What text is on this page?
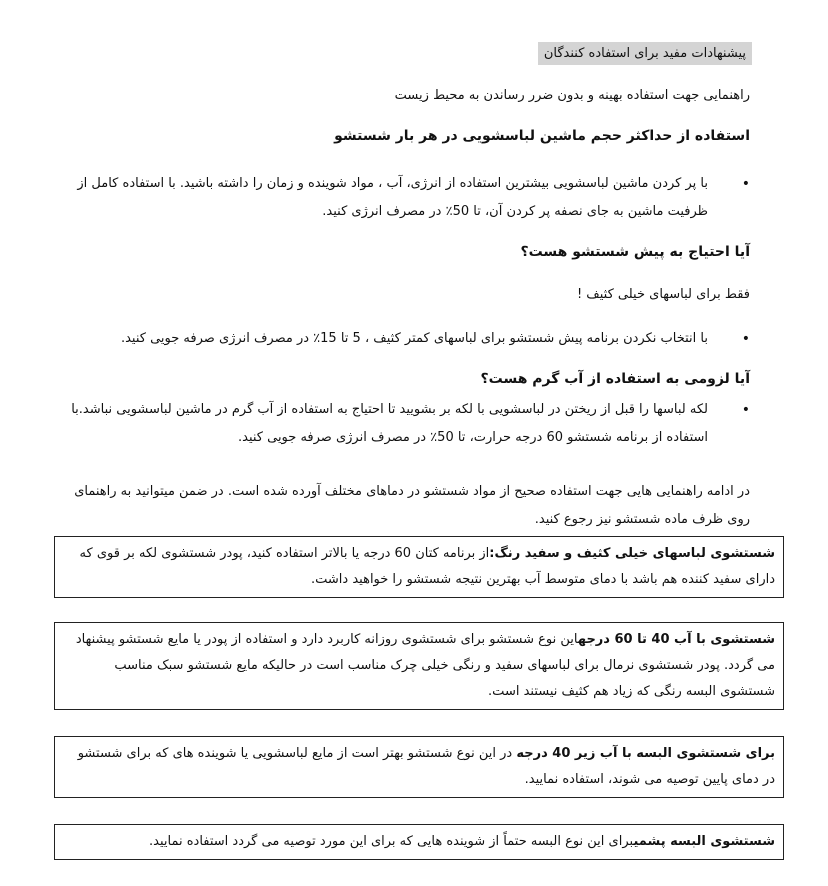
پیشنهادات مفید برای استفاده کنندگان
راهنمایی جهت استفاده بهینه و بدون ضرر رساندن به محیط زیست
استفاده از حداکثر حجم ماشین لباسشویی در هر بار شستشو
•
با پر کردن ماشین لباسشویی بیشترین استفاده از انرژی، آب ، مواد شوینده و زمان را داشته باشید. با استفاده کامل از ظرفیت ماشین به جای نصفه پر کردن آن، تا 50٪ در مصرف انرژی کنید.
آیا احتیاج به پیش شستشو هست؟
فقط برای لباسهای خیلی کثیف !
•
با انتخاب نکردن برنامه پیش شستشو برای لباسهای کمتر کثیف ، 5 تا 15٪ در مصرف انرژی صرفه جویی کنید.
آیا لزومی به استفاده از آب گرم هست؟
•
لکه لباسها را قبل از ریختن در لباسشویی با لکه بر بشویید تا احتیاج به استفاده از آب گرم در ماشین لباسشویی نباشد.با استفاده از برنامه شستشو 60 درجه حرارت، تا 50٪ در مصرف انرژی صرفه جویی کنید.
در ادامه راهنمایی هایی جهت استفاده صحیح از مواد شستشو در دماهای مختلف آورده شده است. در ضمن میتوانید به راهنمای روی ظرف ماده شستشو نیز رجوع کنید.
شستشوی لباسهای خیلی کثیف و سفید رنگ:از برنامه کتان 60 درجه یا بالاتر استفاده کنید، پودر شستشوی لکه بر قوی که دارای سفید کننده هم باشد با دمای متوسط آب بهترین نتیجه شستشو را خواهید داشت.
شستشوی با آب 40 تا 60 درجهاین نوع شستشو برای شستشوی روزانه کاربرد دارد و استفاده از پودر یا مایع شستشو پیشنهاد می گردد. پودر شستشوی نرمال برای لباسهای سفید و رنگی خیلی چرک مناسب است در حالیکه مایع شستشو سبک مناسب شستشوی البسه رنگی که زیاد هم کثیف نیستند است.
برای شستشوی البسه با آب زیر 40 درجه در این نوع شستشو بهتر است از مایع لباسشویی یا شوینده های که برای شستشو در دمای پایین توصیه می شوند، استفاده نمایید.
شستشوی البسه پشمیبرای این نوع البسه حتماً از شوینده هایی که برای این مورد توصیه می گردد استفاده نمایید.
